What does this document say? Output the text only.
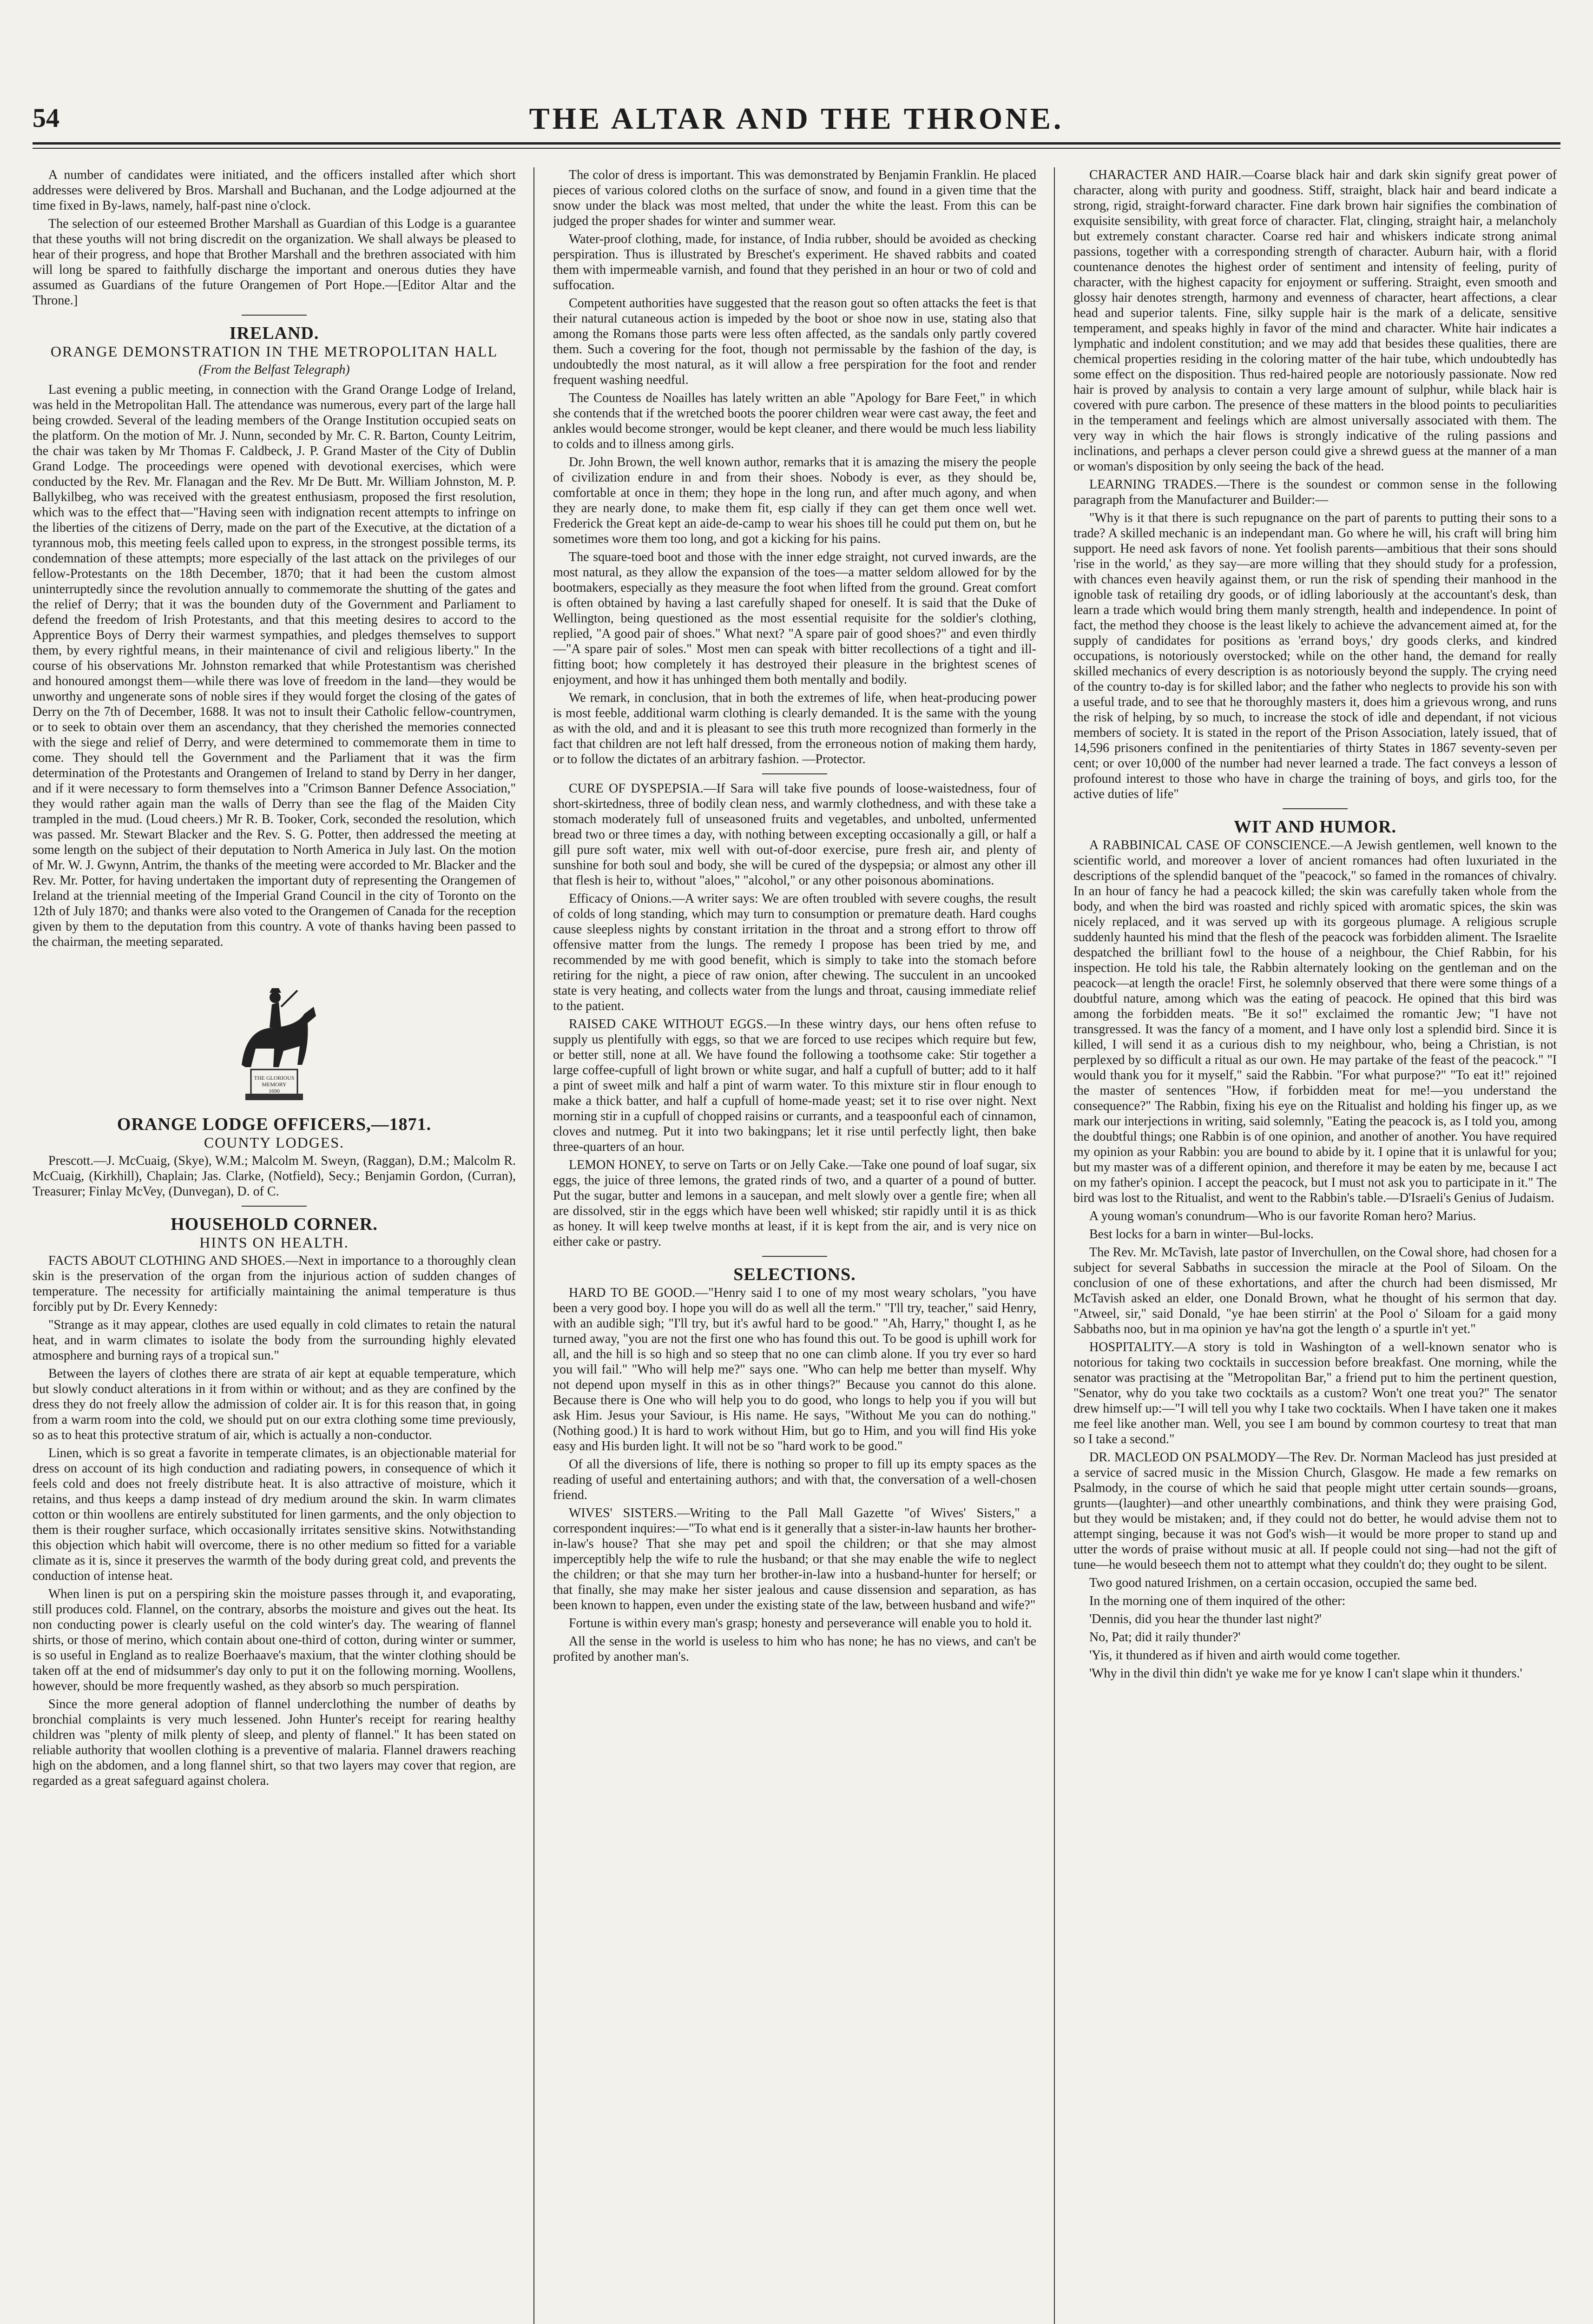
54	THE ALTAR AND THE THRONE.

A number of candidates were initiated, and the officers installed after which short addresses were delivered by Bros. Marshall and Buchanan, and the Lodge adjourned at the time fixed in By-laws, namely, half-past nine o'clock.

The selection of our esteemed Brother Marshall as Guardian of this Lodge is a guarantee that these youths will not bring discredit on the organization. We shall always be pleased to hear of their progress, and hope that Brother Marshall and the brethren associated with him will long be spared to faithfully discharge the important and onerous duties they have assumed as Guardians of the future Orangemen of Port Hope.—[Editor Altar and the Throne.]

IRELAND.
ORANGE DEMONSTRATION IN THE METROPOLITAN HALL
(From the Belfast Telegraph)

Last evening a public meeting, in connection with the Grand Orange Lodge of Ireland, was held in the Metropolitan Hall. The attendance was numerous, every part of the large hall being crowded. Several of the leading members of the Orange Institution occupied seats on the platform. On the motion of Mr. J. Nunn, seconded by Mr. C. R. Barton, County Leitrim, the chair was taken by Mr Thomas F. Caldbeck, J. P. Grand Master of the City of Dublin Grand Lodge. The proceedings were opened with devotional exercises, which were conducted by the Rev. Mr. Flanagan and the Rev. Mr De Butt. Mr. William Johnston, M. P. Ballykilbeg, who was received with the greatest enthusiasm, proposed the first resolution, which was to the effect that—"Having seen with indignation recent attempts to infringe on the liberties of the citizens of Derry, made on the part of the Executive, at the dictation of a tyrannous mob, this meeting feels called upon to express, in the strongest possible terms, its condemnation of these attempts; more especially of the last attack on the privileges of our fellow-Protestants on the 18th December, 1870; that it had been the custom almost uninterruptedly since the revolution annually to commemorate the shutting of the gates and the relief of Derry; that it was the bounden duty of the Government and Parliament to defend the freedom of Irish Protestants, and that this meeting desires to accord to the Apprentice Boys of Derry their warmest sympathies, and pledges themselves to support them, by every rightful means, in their maintenance of civil and religious liberty." In the course of his observations Mr. Johnston remarked that while Protestantism was cherished and honoured amongst them—while there was love of freedom in the land—they would be unworthy and ungenerate sons of noble sires if they would forget the closing of the gates of Derry on the 7th of December, 1688. It was not to insult their Catholic fellow-countrymen, or to seek to obtain over them an ascendancy, that they cherished the memories connected with the siege and relief of Derry, and were determined to commemorate them in time to come. They should tell the Government and the Parliament that it was the firm determination of the Protestants and Orangemen of Ireland to stand by Derry in her danger, and if it were necessary to form themselves into a "Crimson Banner Defence Association," they would rather again man the walls of Derry than see the flag of the Maiden City trampled in the mud. (Loud cheers.) Mr R. B. Tooker, Cork, seconded the resolution, which was passed. Mr. Stewart Blacker and the Rev. S. G. Potter, then addressed the meeting at some length on the subject of their deputation to North America in July last. On the motion of Mr. W. J. Gwynn, Antrim, the thanks of the meeting were accorded to Mr. Blacker and the Rev. Mr. Potter, for having undertaken the important duty of representing the Orangemen of Ireland at the triennial meeting of the Imperial Grand Council in the city of Toronto on the 12th of July 1870; and thanks were also voted to the Orangemen of Canada for the reception given by them to the deputation from this country. A vote of thanks having been passed to the chairman, the meeting separated.

THE GLORIOUS
MEMORY
1690
ORANGE LODGE OFFICERS,—1871.
COUNTY LODGES.

Prescott.—J. McCuaig, (Skye), W.M.; Malcolm M. Sweyn, (Raggan), D.M.; Malcolm R. McCuaig, (Kirkhill), Chaplain; Jas. Clarke, (Notfield), Secy.; Benjamin Gordon, (Curran), Treasurer; Finlay McVey, (Dunvegan), D. of C.

HOUSEHOLD CORNER.
HINTS ON HEALTH.

FACTS ABOUT CLOTHING AND SHOES.—Next in importance to a thoroughly clean skin is the preservation of the organ from the injurious action of sudden changes of temperature. The necessity for artificially maintaining the animal temperature is thus forcibly put by Dr. Every Kennedy:

"Strange as it may appear, clothes are used equally in cold climates to retain the natural heat, and in warm climates to isolate the body from the surrounding highly elevated atmosphere and burning rays of a tropical sun."

Between the layers of clothes there are strata of air kept at equable temperature, which but slowly conduct alterations in it from within or without; and as they are confined by the dress they do not freely allow the admission of colder air. It is for this reason that, in going from a warm room into the cold, we should put on our extra clothing some time previously, so as to heat this protective stratum of air, which is actually a non-conductor.

Linen, which is so great a favorite in temperate climates, is an objectionable material for dress on account of its high conduction and radiating powers, in consequence of which it feels cold and does not freely distribute heat. It is also attractive of moisture, which it retains, and thus keeps a damp instead of dry medium around the skin. In warm climates cotton or thin woollens are entirely substituted for linen garments, and the only objection to them is their rougher surface, which occasionally irritates sensitive skins. Notwithstanding this objection which habit will overcome, there is no other medium so fitted for a variable climate as it is, since it preserves the warmth of the body during great cold, and prevents the conduction of intense heat.

When linen is put on a perspiring skin the moisture passes through it, and evaporating, still produces cold. Flannel, on the contrary, absorbs the moisture and gives out the heat. Its non conducting power is clearly useful on the cold winter's day. The wearing of flannel shirts, or those of merino, which contain about one-third of cotton, during winter or summer, is so useful in England as to realize Boerhaave's maxium, that the winter clothing should be taken off at the end of midsummer's day only to put it on the following morning. Woollens, however, should be more frequently washed, as they absorb so much perspiration.

Since the more general adoption of flannel underclothing the number of deaths by bronchial complaints is very much lessened. John Hunter's receipt for rearing healthy children was "plenty of milk plenty of sleep, and plenty of flannel." It has been stated on reliable authority that woollen clothing is a preventive of malaria. Flannel drawers reaching high on the abdomen, and a long flannel shirt, so that two layers may cover that region, are regarded as a great safeguard against cholera.

The color of dress is important. This was demonstrated by Benjamin Franklin. He placed pieces of various colored cloths on the surface of snow, and found in a given time that the snow under the black was most melted, that under the white the least. From this can be judged the proper shades for winter and summer wear.

Water-proof clothing, made, for instance, of India rubber, should be avoided as checking perspiration. Thus is illustrated by Breschet's experiment. He shaved rabbits and coated them with impermeable varnish, and found that they perished in an hour or two of cold and suffocation.

Competent authorities have suggested that the reason gout so often attacks the feet is that their natural cutaneous action is impeded by the boot or shoe now in use, stating also that among the Romans those parts were less often affected, as the sandals only partly covered them. Such a covering for the foot, though not permissable by the fashion of the day, is undoubtedly the most natural, as it will allow a free perspiration for the foot and render frequent washing needful.

The Countess de Noailles has lately written an able "Apology for Bare Feet," in which she contends that if the wretched boots the poorer children wear were cast away, the feet and ankles would become stronger, would be kept cleaner, and there would be much less liability to colds and to illness among girls.

Dr. John Brown, the well known author, remarks that it is amazing the misery the people of civilization endure in and from their shoes. Nobody is ever, as they should be, comfortable at once in them; they hope in the long run, and after much agony, and when they are nearly done, to make them fit, esp cially if they can get them once well wet. Frederick the Great kept an aide-de-camp to wear his shoes till he could put them on, but he sometimes wore them too long, and got a kicking for his pains.

The square-toed boot and those with the inner edge straight, not curved inwards, are the most natural, as they allow the expansion of the toes—a matter seldom allowed for by the bootmakers, especially as they measure the foot when lifted from the ground. Great comfort is often obtained by having a last carefully shaped for oneself. It is said that the Duke of Wellington, being questioned as the most essential requisite for the soldier's clothing, replied, "A good pair of shoes." What next? "A spare pair of good shoes?" and even thirdly—"A spare pair of soles." Most men can speak with bitter recollections of a tight and ill-fitting boot; how completely it has destroyed their pleasure in the brightest scenes of enjoyment, and how it has unhinged them both mentally and bodily.

We remark, in conclusion, that in both the extremes of life, when heat-producing power is most feeble, additional warm clothing is clearly demanded. It is the same with the young as with the old, and and it is pleasant to see this truth more recognized than formerly in the fact that children are not left half dressed, from the erroneous notion of making them hardy, or to follow the dictates of an arbitrary fashion. —Protector.

CURE OF DYSPEPSIA.—If Sara will take five pounds of loose-waistedness, four of short-skirtedness, three of bodily clean ness, and warmly clothedness, and with these take a stomach moderately full of unseasoned fruits and vegetables, and unbolted, unfermented bread two or three times a day, with nothing between excepting occasionally a gill, or half a gill pure soft water, mix well with out-of-door exercise, pure fresh air, and plenty of sunshine for both soul and body, she will be cured of the dyspepsia; or almost any other ill that flesh is heir to, without "aloes," "alcohol," or any other poisonous abominations.

Efficacy of Onions.—A writer says: We are often troubled with severe coughs, the result of colds of long standing, which may turn to consumption or premature death. Hard coughs cause sleepless nights by constant irritation in the throat and a strong effort to throw off offensive matter from the lungs. The remedy I propose has been tried by me, and recommended by me with good benefit, which is simply to take into the stomach before retiring for the night, a piece of raw onion, after chewing. The succulent in an uncooked state is very heating, and collects water from the lungs and throat, causing immediate relief to the patient.

RAISED CAKE WITHOUT EGGS.—In these wintry days, our hens often refuse to supply us plentifully with eggs, so that we are forced to use recipes which require but few, or better still, none at all. We have found the following a toothsome cake: Stir together a large coffee-cupfull of light brown or white sugar, and half a cupfull of butter; add to it half a pint of sweet milk and half a pint of warm water. To this mixture stir in flour enough to make a thick batter, and half a cupfull of home-made yeast; set it to rise over night. Next morning stir in a cupfull of chopped raisins or currants, and a teaspoonful each of cinnamon, cloves and nutmeg. Put it into two bakingpans; let it rise until perfectly light, then bake three-quarters of an hour.

LEMON HONEY, to serve on Tarts or on Jelly Cake.—Take one pound of loaf sugar, six eggs, the juice of three lemons, the grated rinds of two, and a quarter of a pound of butter. Put the sugar, butter and lemons in a saucepan, and melt slowly over a gentle fire; when all are dissolved, stir in the eggs which have been well whisked; stir rapidly until it is as thick as honey. It will keep twelve months at least, if it is kept from the air, and is very nice on either cake or pastry.

SELECTIONS.

HARD TO BE GOOD.—"Henry said I to one of my most weary scholars, "you have been a very good boy. I hope you will do as well all the term." "I'll try, teacher," said Henry, with an audible sigh; "I'll try, but it's awful hard to be good." "Ah, Harry," thought I, as he turned away, "you are not the first one who has found this out. To be good is uphill work for all, and the hill is so high and so steep that no one can climb alone. If you try ever so hard you will fail." "Who will help me?" says one. "Who can help me better than myself. Why not depend upon myself in this as in other things?" Because you cannot do this alone. Because there is One who will help you to do good, who longs to help you if you will but ask Him. Jesus your Saviour, is His name. He says, "Without Me you can do nothing." (Nothing good.) It is hard to work without Him, but go to Him, and you will find His yoke easy and His burden light. It will not be so "hard work to be good."

Of all the diversions of life, there is nothing so proper to fill up its empty spaces as the reading of useful and entertaining authors; and with that, the conversation of a well-chosen friend.

WIVES' SISTERS.—Writing to the Pall Mall Gazette "of Wives' Sisters," a correspondent inquires:—"To what end is it generally that a sister-in-law haunts her brother-in-law's house? That she may pet and spoil the children; or that she may almost imperceptibly help the wife to rule the husband; or that she may enable the wife to neglect the children; or that she may turn her brother-in-law into a husband-hunter for herself; or that finally, she may make her sister jealous and cause dissension and separation, as has been known to happen, even under the existing state of the law, between husband and wife?"

Fortune is within every man's grasp; honesty and perseverance will enable you to hold it.

All the sense in the world is useless to him who has none; he has no views, and can't be profited by another man's.

CHARACTER AND HAIR.—Coarse black hair and dark skin signify great power of character, along with purity and goodness. Stiff, straight, black hair and beard indicate a strong, rigid, straight-forward character. Fine dark brown hair signifies the combination of exquisite sensibility, with great force of character. Flat, clinging, straight hair, a melancholy but extremely constant character. Coarse red hair and whiskers indicate strong animal passions, together with a corresponding strength of character. Auburn hair, with a florid countenance denotes the highest order of sentiment and intensity of feeling, purity of character, with the highest capacity for enjoyment or suffering. Straight, even smooth and glossy hair denotes strength, harmony and evenness of character, heart affections, a clear head and superior talents. Fine, silky supple hair is the mark of a delicate, sensitive temperament, and speaks highly in favor of the mind and character. White hair indicates a lymphatic and indolent constitution; and we may add that besides these qualities, there are chemical properties residing in the coloring matter of the hair tube, which undoubtedly has some effect on the disposition. Thus red-haired people are notoriously passionate. Now red hair is proved by analysis to contain a very large amount of sulphur, while black hair is covered with pure carbon. The presence of these matters in the blood points to peculiarities in the temperament and feelings which are almost universally associated with them. The very way in which the hair flows is strongly indicative of the ruling passions and inclinations, and perhaps a clever person could give a shrewd guess at the manner of a man or woman's disposition by only seeing the back of the head.

LEARNING TRADES.—There is the soundest or common sense in the following paragraph from the Manufacturer and Builder:—

"Why is it that there is such repugnance on the part of parents to putting their sons to a trade? A skilled mechanic is an independant man. Go where he will, his craft will bring him support. He need ask favors of none. Yet foolish parents—ambitious that their sons should 'rise in the world,' as they say—are more willing that they should study for a profession, with chances even heavily against them, or run the risk of spending their manhood in the ignoble task of retailing dry goods, or of idling laboriously at the accountant's desk, than learn a trade which would bring them manly strength, health and independence. In point of fact, the method they choose is the least likely to achieve the advancement aimed at, for the supply of candidates for positions as 'errand boys,' dry goods clerks, and kindred occupations, is notoriously overstocked; while on the other hand, the demand for really skilled mechanics of every description is as notoriously beyond the supply. The crying need of the country to-day is for skilled labor; and the father who neglects to provide his son with a useful trade, and to see that he thoroughly masters it, does him a grievous wrong, and runs the risk of helping, by so much, to increase the stock of idle and dependant, if not vicious members of society. It is stated in the report of the Prison Association, lately issued, that of 14,596 prisoners confined in the penitentiaries of thirty States in 1867 seventy-seven per cent; or over 10,000 of the number had never learned a trade. The fact conveys a lesson of profound interest to those who have in charge the training of boys, and girls too, for the active duties of life"

WIT AND HUMOR.

A RABBINICAL CASE OF CONSCIENCE.—A Jewish gentlemen, well known to the scientific world, and moreover a lover of ancient romances had often luxuriated in the descriptions of the splendid banquet of the "peacock," so famed in the romances of chivalry. In an hour of fancy he had a peacock killed; the skin was carefully taken whole from the body, and when the bird was roasted and richly spiced with aromatic spices, the skin was nicely replaced, and it was served up with its gorgeous plumage. A religious scruple suddenly haunted his mind that the flesh of the peacock was forbidden aliment. The Israelite despatched the brilliant fowl to the house of a neighbour, the Chief Rabbin, for his inspection. He told his tale, the Rabbin alternately looking on the gentleman and on the peacock—at length the oracle! First, he solemnly observed that there were some things of a doubtful nature, among which was the eating of peacock. He opined that this bird was among the forbidden meats. "Be it so!" exclaimed the romantic Jew; "I have not transgressed. It was the fancy of a moment, and I have only lost a splendid bird. Since it is killed, I will send it as a curious dish to my neighbour, who, being a Christian, is not perplexed by so difficult a ritual as our own. He may partake of the feast of the peacock." "I would thank you for it myself," said the Rabbin. "For what purpose?" "To eat it!" rejoined the master of sentences "How, if forbidden meat for me!—you understand the consequence?" The Rabbin, fixing his eye on the Ritualist and holding his finger up, as we mark our interjections in writing, said solemnly, "Eating the peacock is, as I told you, among the doubtful things; one Rabbin is of one opinion, and another of another. You have required my opinion as your Rabbin: you are bound to abide by it. I opine that it is unlawful for you; but my master was of a different opinion, and therefore it may be eaten by me, because I act on my father's opinion. I accept the peacock, but I must not ask you to participate in it." The bird was lost to the Ritualist, and went to the Rabbin's table.—D'Israeli's Genius of Judaism.

A young woman's conundrum—Who is our favorite Roman hero? Marius.

Best locks for a barn in winter—Bul-locks.

The Rev. Mr. McTavish, late pastor of Inverchullen, on the Cowal shore, had chosen for a subject for several Sabbaths in succession the miracle at the Pool of Siloam. On the conclusion of one of these exhortations, and after the church had been dismissed, Mr McTavish asked an elder, one Donald Brown, what he thought of his sermon that day. "Atweel, sir," said Donald, "ye hae been stirrin' at the Pool o' Siloam for a gaid mony Sabbaths noo, but in ma opinion ye hav'na got the length o' a spurtle in't yet."

HOSPITALITY.—A story is told in Washington of a well-known senator who is notorious for taking two cocktails in succession before breakfast. One morning, while the senator was practising at the "Metropolitan Bar," a friend put to him the pertinent question, "Senator, why do you take two cocktails as a custom? Won't one treat you?" The senator drew himself up:—"I will tell you why I take two cocktails. When I have taken one it makes me feel like another man. Well, you see I am bound by common courtesy to treat that man so I take a second."

DR. MACLEOD ON PSALMODY—The Rev. Dr. Norman Macleod has just presided at a service of sacred music in the Mission Church, Glasgow. He made a few remarks on Psalmody, in the course of which he said that people might utter certain sounds—groans, grunts—(laughter)—and other unearthly combinations, and think they were praising God, but they would be mistaken; and, if they could not do better, he would advise them not to attempt singing, because it was not God's wish—it would be more proper to stand up and utter the words of praise without music at all. If people could not sing—had not the gift of tune—he would beseech them not to attempt what they couldn't do; they ought to be silent.

Two good natured Irishmen, on a certain occasion, occupied the same bed.

In the morning one of them inquired of the other:

'Dennis, did you hear the thunder last night?'

No, Pat; did it raily thunder?'

'Yis, it thundered as if hiven and airth would come together.

'Why in the divil thin didn't ye wake me for ye know I can't slape whin it thunders.'
